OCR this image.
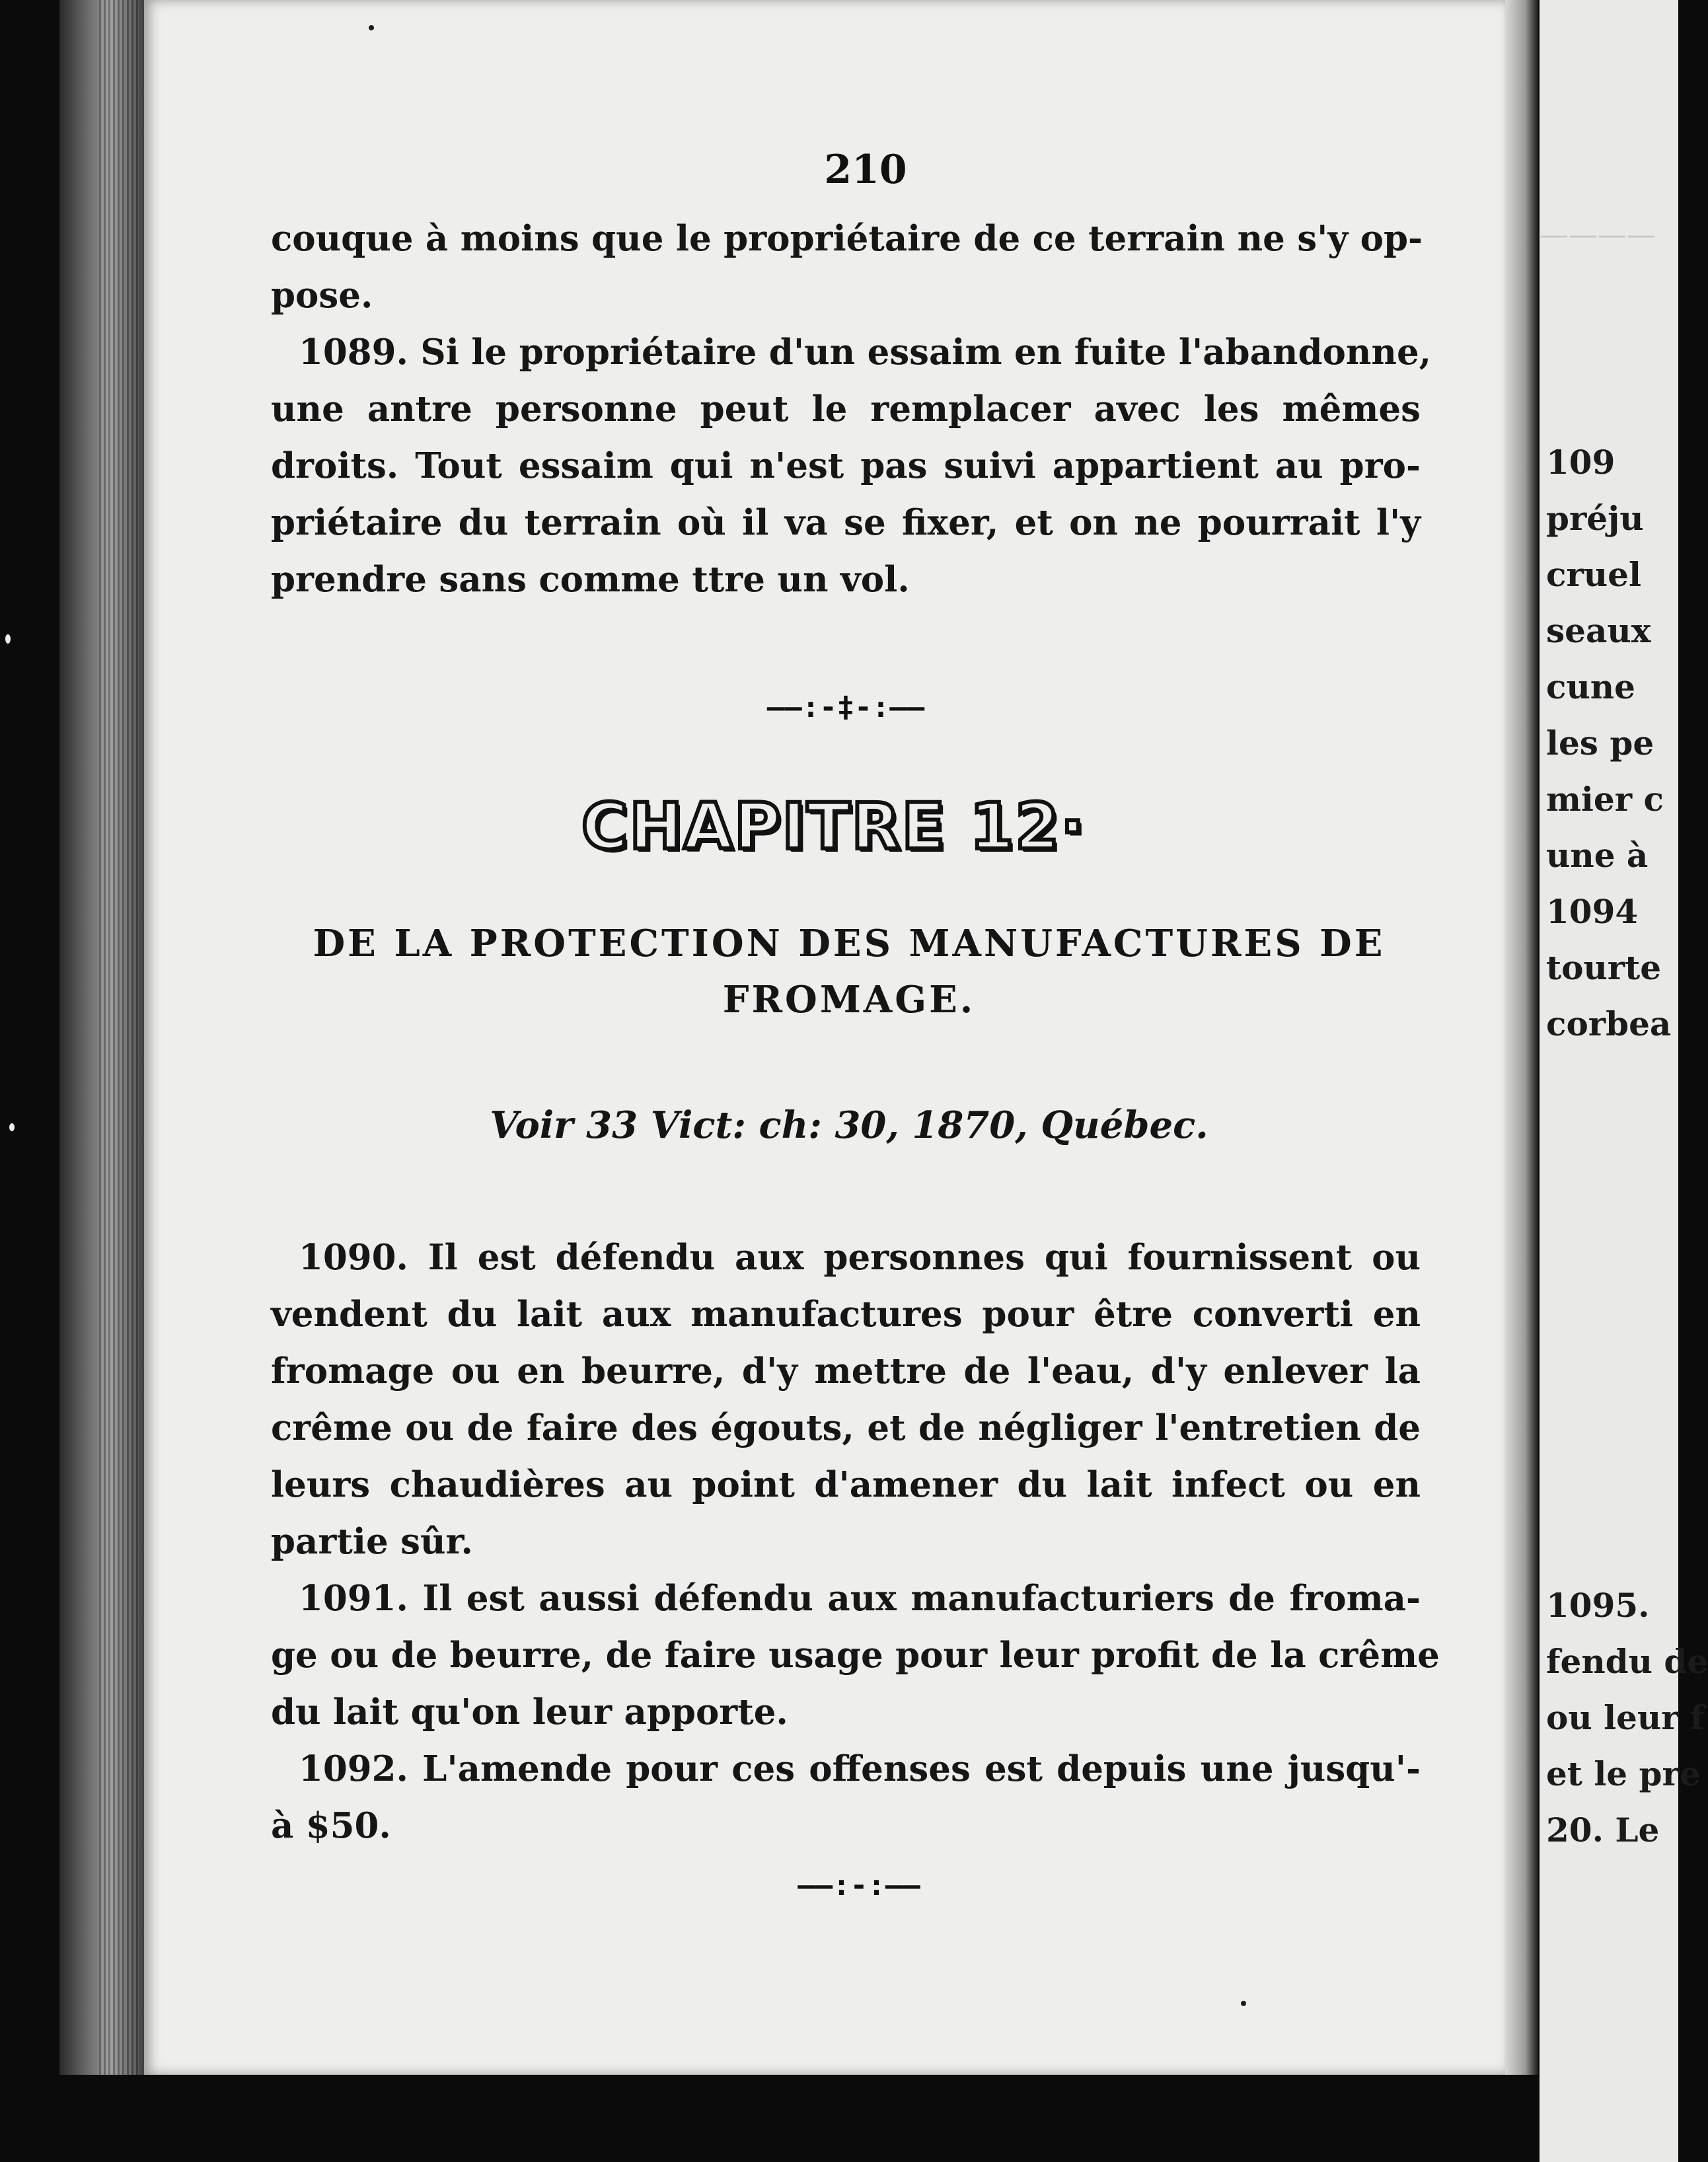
————
109
préju
cruel
seaux
cune
les pe
mier c
une à
1094
tourte
corbea
1095.
fendu de
ou leur f
et le pre
20. Le
210
couque à moins que le propriétaire de ce terrain ne s'y op-
pose.
1089. Si le propriétaire d'un essaim en fuite l'abandonne,
une antre personne peut le remplacer avec les mêmes
droits. Tout essaim qui n'est pas suivi appartient au pro-
priétaire du terrain où il va se fixer, et on ne pourrait l'y
prendre sans comme ttre un vol.
——:-‡-:——
CHAPITRE 12·
DE LA PROTECTION DES MANUFACTURES DE
FROMAGE.
Voir 33 Vict: ch: 30, 1870, Québec.
1090. Il est défendu aux personnes qui fournissent ou
vendent du lait aux manufactures pour être converti en
fromage ou en beurre, d'y mettre de l'eau, d'y enlever la
crême ou de faire des égouts, et de négliger l'entretien de
leurs chaudières au point d'amener du lait infect ou en
partie sûr.
1091. Il est aussi défendu aux manufacturiers de froma-
ge ou de beurre, de faire usage pour leur profit de la crême
du lait qu'on leur apporte.
1092. L'amende pour ces offenses est depuis une jusqu'-
à $50.
——:-:——
